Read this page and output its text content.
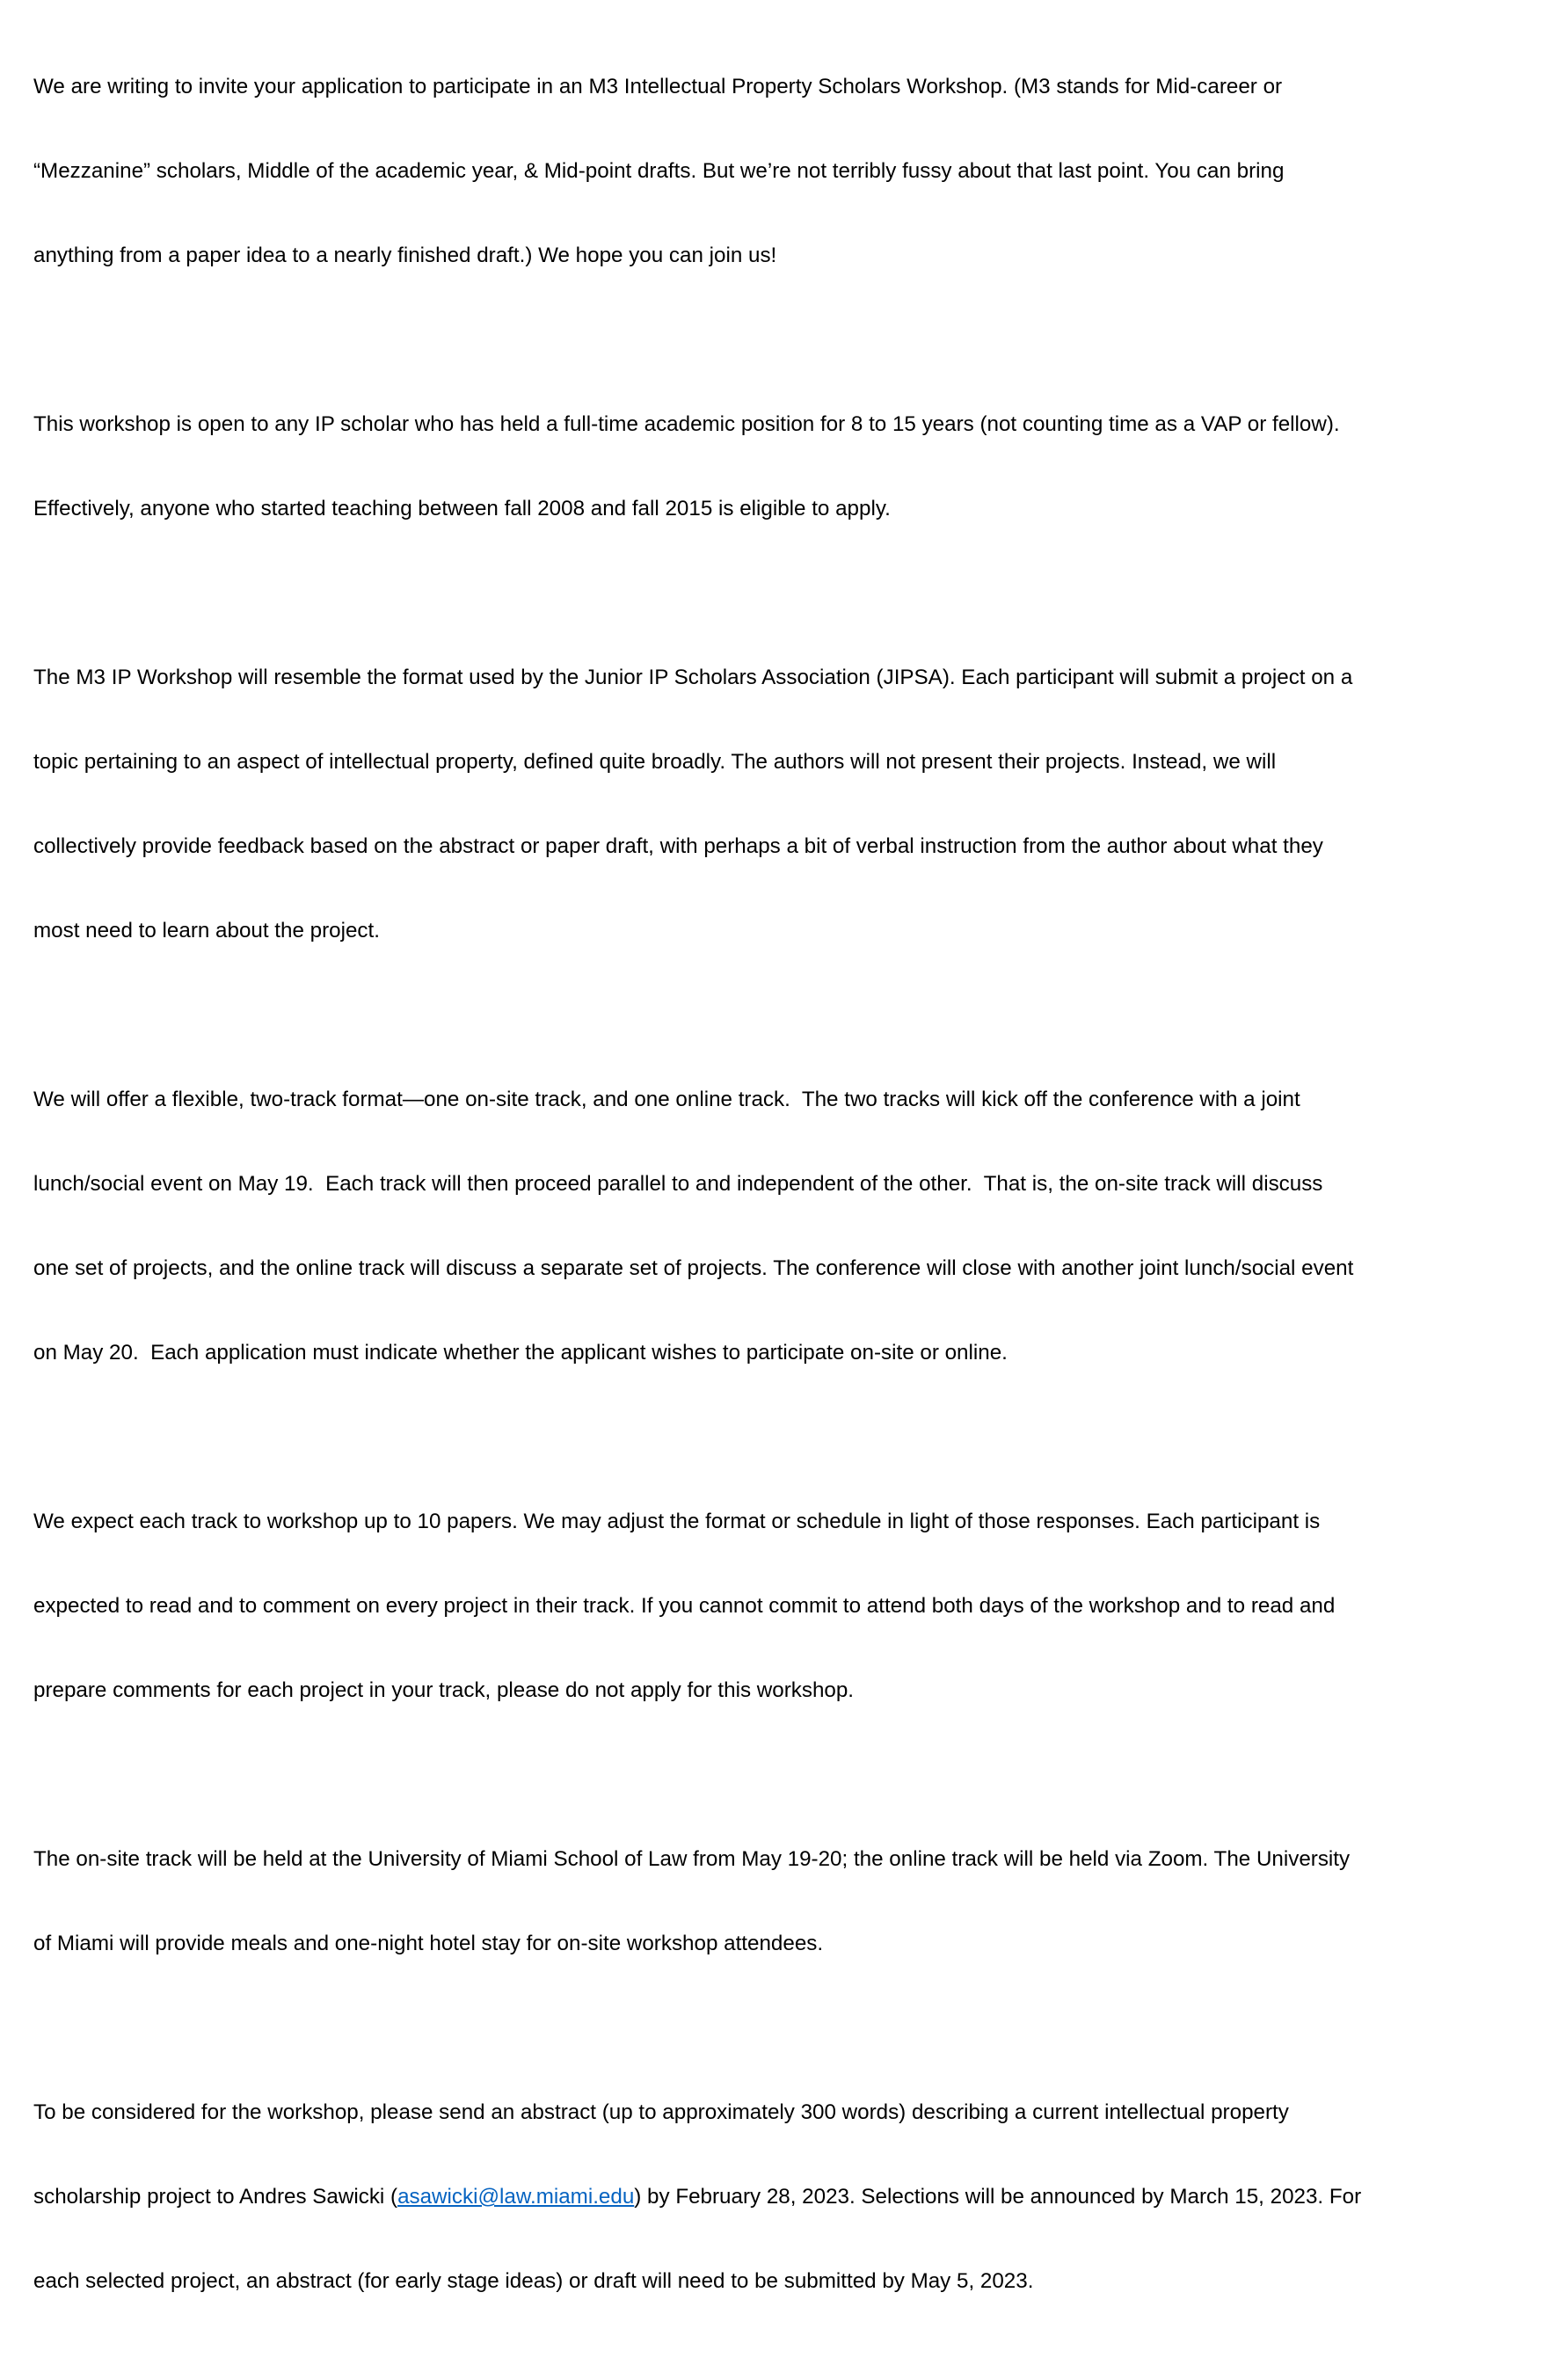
We are writing to invite your application to participate in an M3 Intellectual Property Scholars Workshop. (M3 stands for Mid-career or

“Mezzanine” scholars, Middle of the academic year, & Mid-point drafts. But we’re not terribly fussy about that last point. You can bring

anything from a paper idea to a nearly finished draft.) We hope you can join us!

This workshop is open to any IP scholar who has held a full-time academic position for 8 to 15 years (not counting time as a VAP or fellow).

Effectively, anyone who started teaching between fall 2008 and fall 2015 is eligible to apply.

The M3 IP Workshop will resemble the format used by the Junior IP Scholars Association (JIPSA). Each participant will submit a project on a

topic pertaining to an aspect of intellectual property, defined quite broadly. The authors will not present their projects. Instead, we will

collectively provide feedback based on the abstract or paper draft, with perhaps a bit of verbal instruction from the author about what they

most need to learn about the project.

We will offer a flexible, two-track format—one on-site track, and one online track.  The two tracks will kick off the conference with a joint

lunch/social event on May 19.  Each track will then proceed parallel to and independent of the other.  That is, the on-site track will discuss

one set of projects, and the online track will discuss a separate set of projects. The conference will close with another joint lunch/social event

on May 20.  Each application must indicate whether the applicant wishes to participate on-site or online.

We expect each track to workshop up to 10 papers. We may adjust the format or schedule in light of those responses. Each participant is

expected to read and to comment on every project in their track. If you cannot commit to attend both days of the workshop and to read and

prepare comments for each project in your track, please do not apply for this workshop.

The on-site track will be held at the University of Miami School of Law from May 19-20; the online track will be held via Zoom. The University

of Miami will provide meals and one-night hotel stay for on-site workshop attendees.

To be considered for the workshop, please send an abstract (up to approximately 300 words) describing a current intellectual property

scholarship project to Andres Sawicki (asawicki@law.miami.edu) by February 28, 2023. Selections will be announced by March 15, 2023. For

each selected project, an abstract (for early stage ideas) or draft will need to be submitted by May 5, 2023.
